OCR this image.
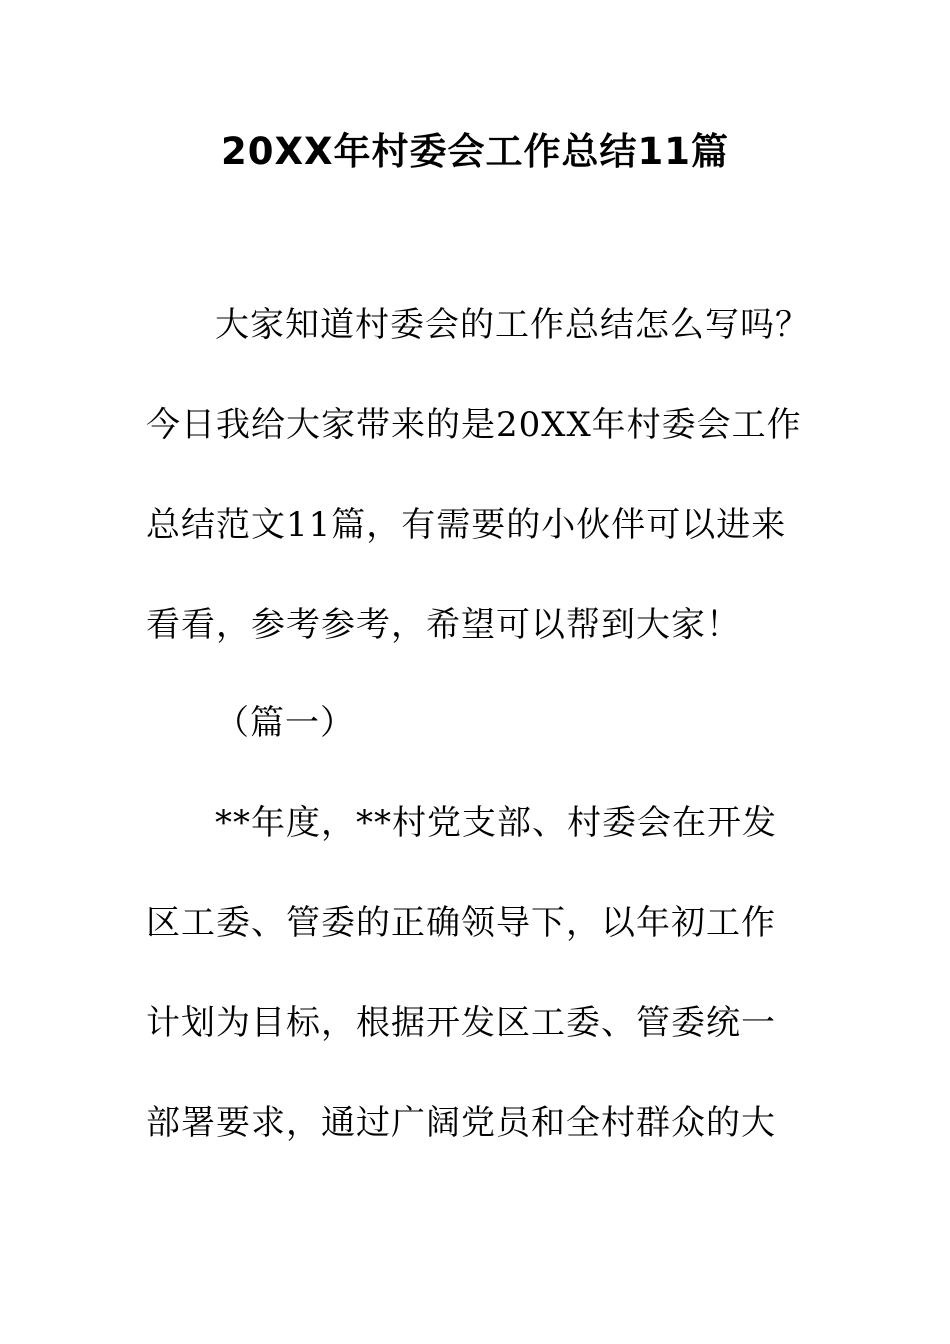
20XX年村委会工作总结11篇
大家知道村委会的工作总结怎么写吗？
今日我给大家带来的是20XX年村委会工作
总结范文11篇，有需要的小伙伴可以进来
看看，参考参考，希望可以帮到大家！
（篇一）
**年度，**村党支部、村委会在开发
区工委、管委的正确领导下，以年初工作
计划为目标，根据开发区工委、管委统一
部署要求，通过广阔党员和全村群众的大
